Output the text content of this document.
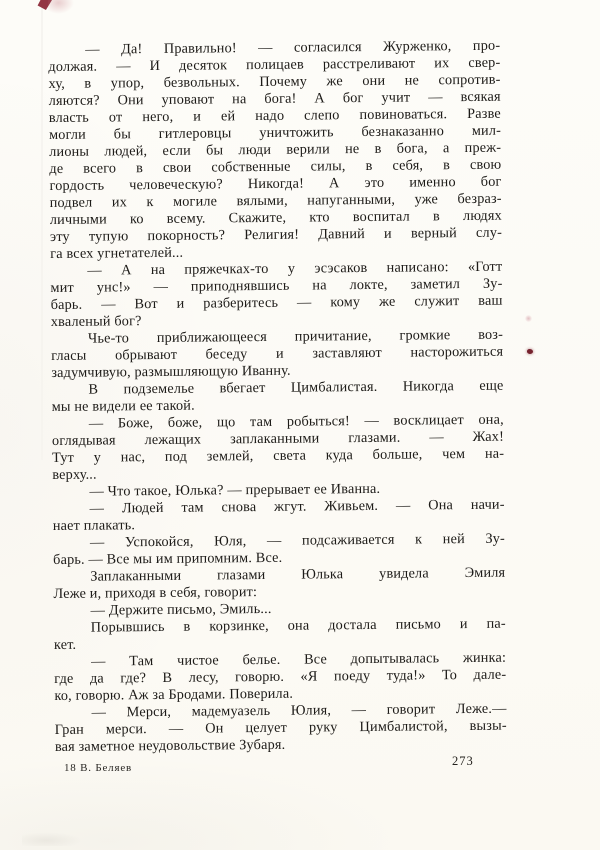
— Да! Правильно! — согласился Журженко, про-
должая. — И десяток полицаев расстреливают их свер-
ху, в упор, безвольных. Почему же они не сопротив-
ляются? Они уповают на бога! А бог учит — всякая
власть от него, и ей надо слепо повиноваться. Разве
могли бы гитлеровцы уничтожить безнаказанно мил-
лионы людей, если бы люди верили не в бога, а преж-
де всего в свои собственные силы, в себя, в свою
гордость человеческую? Никогда! А это именно бог
подвел их к могиле вялыми, напуганными, уже безраз-
личными ко всему. Скажите, кто воспитал в людях
эту тупую покорность? Религия! Давний и верный слу-
га всех угнетателей...
— А на пряжечках-то у эсэсаков написано: «Готт
мит унс!» — приподнявшись на локте, заметил Зу-
барь. — Вот и разберитесь — кому же служит ваш
хваленый бог?
Чье-то приближающееся причитание, громкие воз-
гласы обрывают беседу и заставляют насторожиться
задумчивую, размышляющую Иванну.
В подземелье вбегает Цимбалистая. Никогда еще
мы не видели ее такой.
— Боже, боже, що там робыться! — восклицает она,
оглядывая лежащих заплаканными глазами. — Жах!
Тут у нас, под землей, света куда больше, чем на-
верху...
— Что такое, Юлька? — прерывает ее Иванна.
— Людей там снова жгут. Живьем. — Она начи-
нает плакать.
— Успокойся, Юля, — подсаживается к ней Зу-
барь. — Все мы им припомним. Все.
Заплаканными глазами Юлька увидела Эмиля
Леже и, приходя в себя, говорит:
— Держите письмо, Эмиль...
Порывшись в корзинке, она достала письмо и па-
кет.
— Там чистое белье. Все допытывалась жинка:
где да где? В лесу, говорю. «Я поеду туда!» То дале-
ко, говорю. Аж за Бродами. Поверила.
— Мерси, мадемуазель Юлия, — говорит Леже.—
Гран мерси. — Он целует руку Цимбалистой, вызы-
вая заметное неудовольствие Зубаря.
18 В. Беляев	273
